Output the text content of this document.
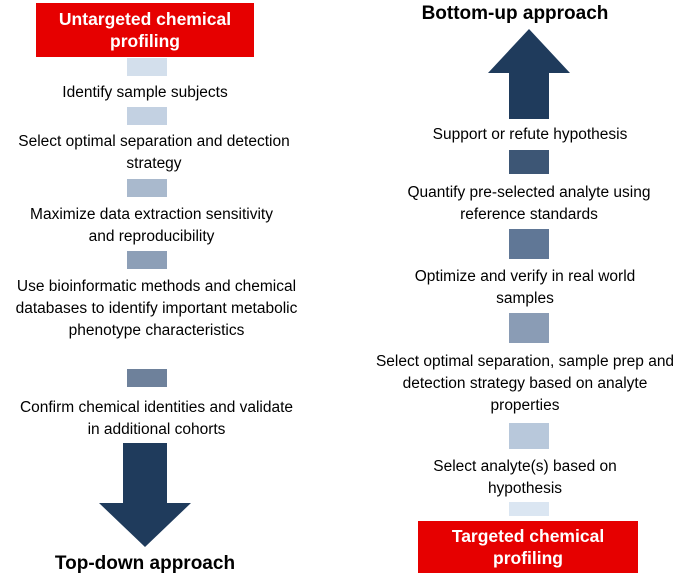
Untargeted chemical profiling
Identify sample subjects
Select optimal separation and detection strategy
Maximize data extraction sensitivity and reproducibility
Use bioinformatic methods and chemical databases to identify important metabolic phenotype characteristics
Confirm chemical identities and validate in additional cohorts
Top-down approach
Bottom-up approach
Support or refute hypothesis
Quantify pre-selected analyte using reference standards
Optimize and verify in real world samples
Select optimal separation, sample prep and detection strategy based on analyte properties
Select analyte(s) based on hypothesis
Targeted chemical profiling
